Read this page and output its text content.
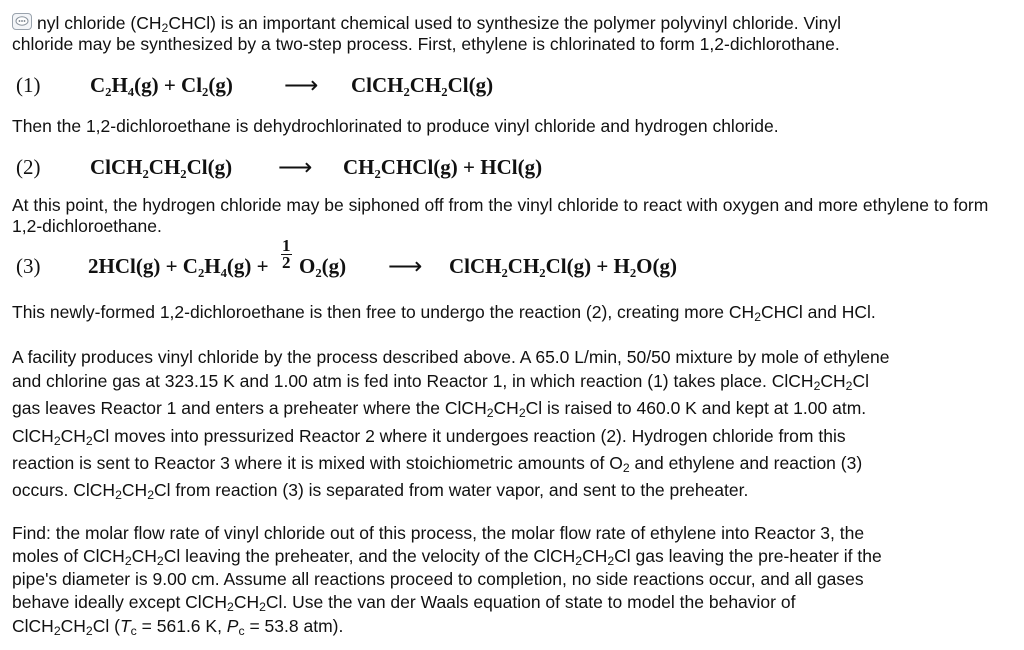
nyl chloride $(CH_2CHCl)$ is an important chemical used to synthesize the polymer polyvinyl chloride. Vinyl

chloride may be synthesized by a two-step process. First, ethylene is chlorinated to form 1,2-dichlorothane.

(1) C₂H₄(g) + Cl₂(g) ⟶ ClCH₂CH₂Cl(g)

Then the 1,2-dichloroethane is dehydrochlorinated to produce vinyl chloride and hydrogen chloride.

(2) ClCH₂CH₂Cl(g) ⟶ CH₂CHCl(g) + HCl(g)

At this point, the hydrogen chloride may be siphoned off from the vinyl chloride to react with oxygen and more ethylene to form 1,2-dichloroethane.

(3) $2HCl(g) + C_2H_4(g) + \frac{1}{2} O_2(g)$ ⟶ ClCH₂CH₂Cl(g) + H₂O(g)

This newly-formed 1,2-dichloroethane is then free to undergo the reaction (2), creating more $CH_2CHCl$ and HCl.

A facility produces vinyl chloride by the process described above. A 65.0 L/min, 50/50 mixture by mole of ethylene

and chlorine gas at 323.15 K and 1.00 atm is fed into Reactor 1, in which reaction (1) takes place. $ClCH_2CH_2Cl$

gas leaves Reactor 1 and enters a preheater where the $ClCH_2CH_2Cl$ is raised to 460.0 K and kept at 1.00 atm.

$ClCH_2CH_2Cl$ moves into pressurized Reactor 2 where it undergoes reaction (2). Hydrogen chloride from this

reaction is sent to Reactor 3 where it is mixed with stoichiometric amounts of $O_2$ and ethylene and reaction (3)

occurs. $ClCH_2CH_2Cl$ from reaction (3) is separated from water vapor, and sent to the preheater.

Find: the molar flow rate of vinyl chloride out of this process, the molar flow rate of ethylene into Reactor 3, the

moles of $ClCH_2CH_2Cl$ leaving the preheater, and the velocity of the $ClCH_2CH_2Cl$ gas leaving the pre-heater if the

pipe's diameter is 9.00 cm. Assume all reactions proceed to completion, no side reactions occur, and all gases

behave ideally except $ClCH_2CH_2Cl$. Use the van der Waals equation of state to model the behavior of

$ClCH_2CH_2Cl$ ($T_c = 561.6$ K, $P_c = 53.8$ atm).
